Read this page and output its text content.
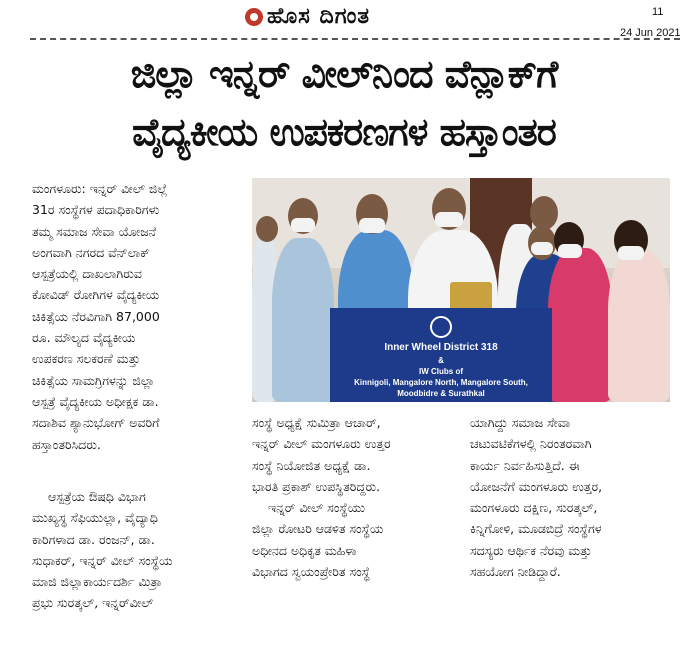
ಹೊಸ ದಿಗಂತ	11
24 Jun 2021
ಜಿಲ್ಲಾ ಇನ್ನರ್ ವೀಲ್‌ನಿಂದ ವೆನ್ಲಾಕ್‌ಗೆ
ವೈದ್ಯಕೀಯ ಉಪಕರಣಗಳ ಹಸ್ತಾಂತರ
Inner Wheel District 318
&
IW Clubs of
Kinnigoli, Mangalore North, Mangalore South,
Moodbidre & Surathkal

ಮಂಗಳೂರು: ಇನ್ನರ್ ವೀಲ್ ಜಿಲ್ಲೆ

31ರ ಸಂಸ್ಥೆಗಳ ಪದಾಧಿಕಾರಿಗಳು

ತಮ್ಮ ಸಮಾಜ ಸೇವಾ ಯೋಜನೆ

ಅಂಗವಾಗಿ ನಗರದ ವೆನ್‌ಲಾಕ್

ಆಸ್ಪತ್ರೆಯಲ್ಲಿ ದಾಖಲಾಗಿರುವ

ಕೋವಿಡ್ ರೋಗಿಗಳ ವೈದ್ಯಕೀಯ

ಚಿಕಿತ್ಸೆಯ ನೆರವಿಗಾಗಿ 87,000

ರೂ. ಮೌಲ್ಯದ ವೈದ್ಯಕೀಯ

ಉಪಕರಣ ಸಲಕರಣೆ ಮತ್ತು

ಚಿಕಿತ್ಸೆಯ ಸಾಮಗ್ರಿಗಳನ್ನು ಜಿಲ್ಲಾ

ಆಸ್ಪತ್ರೆ ವೈದ್ಯಕೀಯ ಅಧೀಕ್ಷಕ ಡಾ.

ಸದಾಶಿವ ಶ್ಯಾನುಭೋಗ್ ಅವರಿಗೆ

ಹಸ್ತಾಂತರಿಸಿದರು.

ಆಸ್ಪತ್ರೆಯ ಔಷಧಿ ವಿಭಾಗ

ಮುಖ್ಯಸ್ಥ ಸೆಫಿಯುಲ್ಲಾ, ವೈದ್ಯಾಧಿ

ಕಾರಿಗಳಾದ ಡಾ. ರಂಜನ್, ಡಾ.

ಸುಧಾಕರ್, ಇನ್ನರ್ ವೀಲ್ ಸಂಸ್ಥೆಯ

ಮಾಜಿ ಜಿಲ್ಲಾಕಾರ್ಯದರ್ಶಿ ಮಿತ್ರಾ

ಪ್ರಭು ಸುರತ್ಕಲ್, ಇನ್ನರ್‌ವೀಲ್

ಸಂಸ್ಥೆ ಅಧ್ಯಕ್ಷೆ ಸುಮಿತ್ರಾ ಆಚಾರ್,

ಇನ್ನರ್ ವೀಲ್ ಮಂಗಳೂರು ಉತ್ತರ

ಸಂಸ್ಥೆ ನಿಯೋಜಿತ ಅಧ್ಯಕ್ಷೆ ಡಾ.

ಭಾರತಿ ಪ್ರಕಾಶ್ ಉಪಸ್ಥಿತರಿದ್ದರು.

ಇನ್ನರ್ ವೀಲ್ ಸಂಸ್ಥೆಯು

ಜಿಲ್ಲಾ ರೋಟರಿ ಆಡಳಿತ ಸಂಸ್ಥೆಯ

ಅಧೀನದ ಅಧಿಕೃತ ಮಹಿಳಾ

ವಿಭಾಗದ ಸ್ವಯಂಪ್ರೇರಿತ ಸಂಸ್ಥೆ

ಯಾಗಿದ್ದು ಸಮಾಜ ಸೇವಾ

ಚಟುವಟಿಕೆಗಳಲ್ಲಿ ನಿರಂತರವಾಗಿ

ಕಾರ್ಯ ನಿರ್ವಹಿಸುತ್ತಿದೆ. ಈ

ಯೋಜನೆಗೆ ಮಂಗಳೂರು ಉತ್ತರ,

ಮಂಗಳೂರು ದಕ್ಷಿಣ, ಸುರತ್ಕಲ್,

ಕಿನ್ನಿಗೋಳಿ, ಮೂಡಬಿದ್ರೆ ಸಂಸ್ಥೆಗಳ

ಸದಸ್ಯರು ಆರ್ಥಿಕ ನೆರವು ಮತ್ತು

ಸಹಯೋಗ ನೀಡಿದ್ದಾರೆ.
